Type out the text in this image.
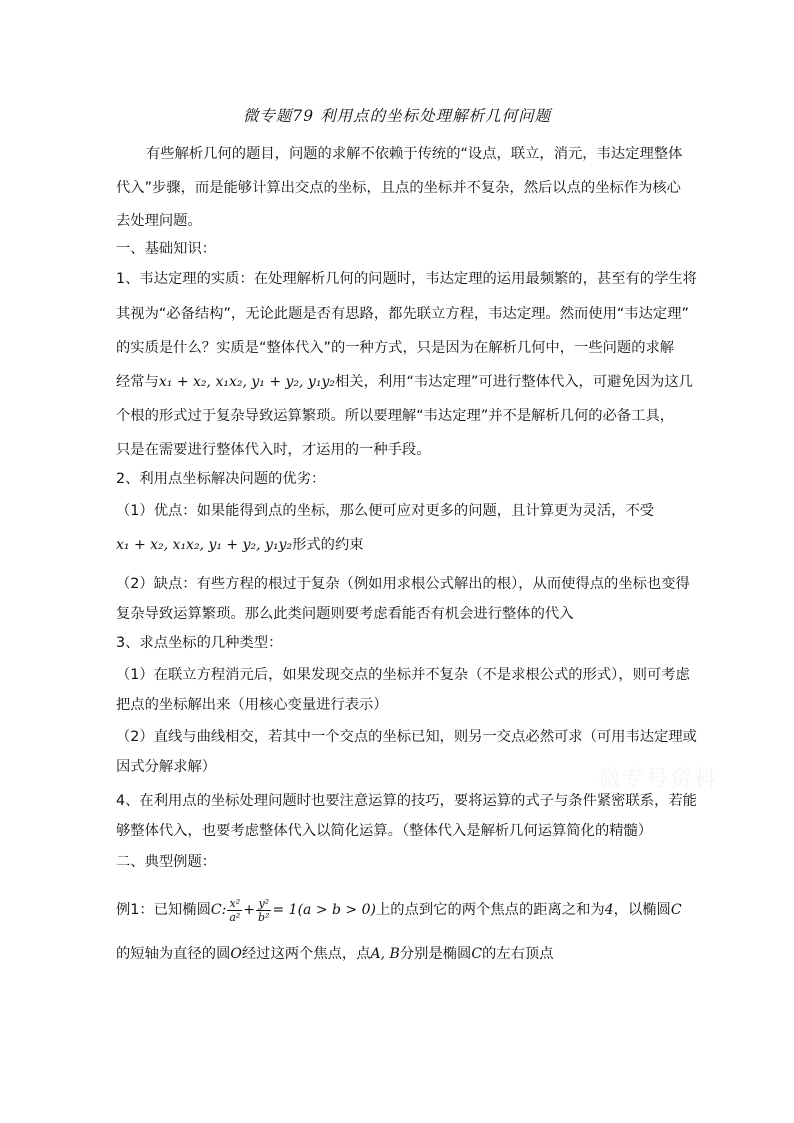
微专题79 利用点的坐标处理解析几何问题
有些解析几何的题目，问题的求解不依赖于传统的“设点，联立，消元，韦达定理整体
代入”步骤，而是能够计算出交点的坐标，且点的坐标并不复杂，然后以点的坐标作为核心
去处理问题。
一、基础知识：
1、韦达定理的实质：在处理解析几何的问题时，韦达定理的运用最频繁的，甚至有的学生将
其视为“必备结构”，无论此题是否有思路，都先联立方程，韦达定理。然而使用“韦达定理”
的实质是什么？实质是“整体代入”的一种方式，只是因为在解析几何中，一些问题的求解
经常与x₁ + x₂, x₁x₂, y₁ + y₂, y₁y₂相关，利用“韦达定理”可进行整体代入，可避免因为这几
个根的形式过于复杂导致运算繁琐。所以要理解“韦达定理”并不是解析几何的必备工具，
只是在需要进行整体代入时，才运用的一种手段。
2、利用点坐标解决问题的优劣：
（1）优点：如果能得到点的坐标，那么便可应对更多的问题，且计算更为灵活，不受
x₁ + x₂, x₁x₂, y₁ + y₂, y₁y₂形式的约束
（2）缺点：有些方程的根过于复杂（例如用求根公式解出的根），从而使得点的坐标也变得
复杂导致运算繁琐。那么此类问题则要考虑看能否有机会进行整体的代入
3、求点坐标的几种类型：
（1）在联立方程消元后，如果发现交点的坐标并不复杂（不是求根公式的形式），则可考虑
把点的坐标解出来（用核心变量进行表示）
（2）直线与曲线相交，若其中一个交点的坐标已知，则另一交点必然可求（可用韦达定理或
因式分解求解）
4、在利用点的坐标处理问题时也要注意运算的技巧，要将运算的式子与条件紧密联系，若能
够整体代入，也要考虑整体代入以简化运算。（整体代入是解析几何运算简化的精髓）
二、典型例题：
例1：已知椭圆C: $\frac{\text{x²}}{\text{a²}} + \frac{\text{y²}}{\text{b²}} = 1(a > b > 0)$上的点到它的两个焦点的距离之和为4，以椭圆C
的短轴为直径的圆O经过这两个焦点，点A, B分别是椭圆C的左右顶点
微专号资料
